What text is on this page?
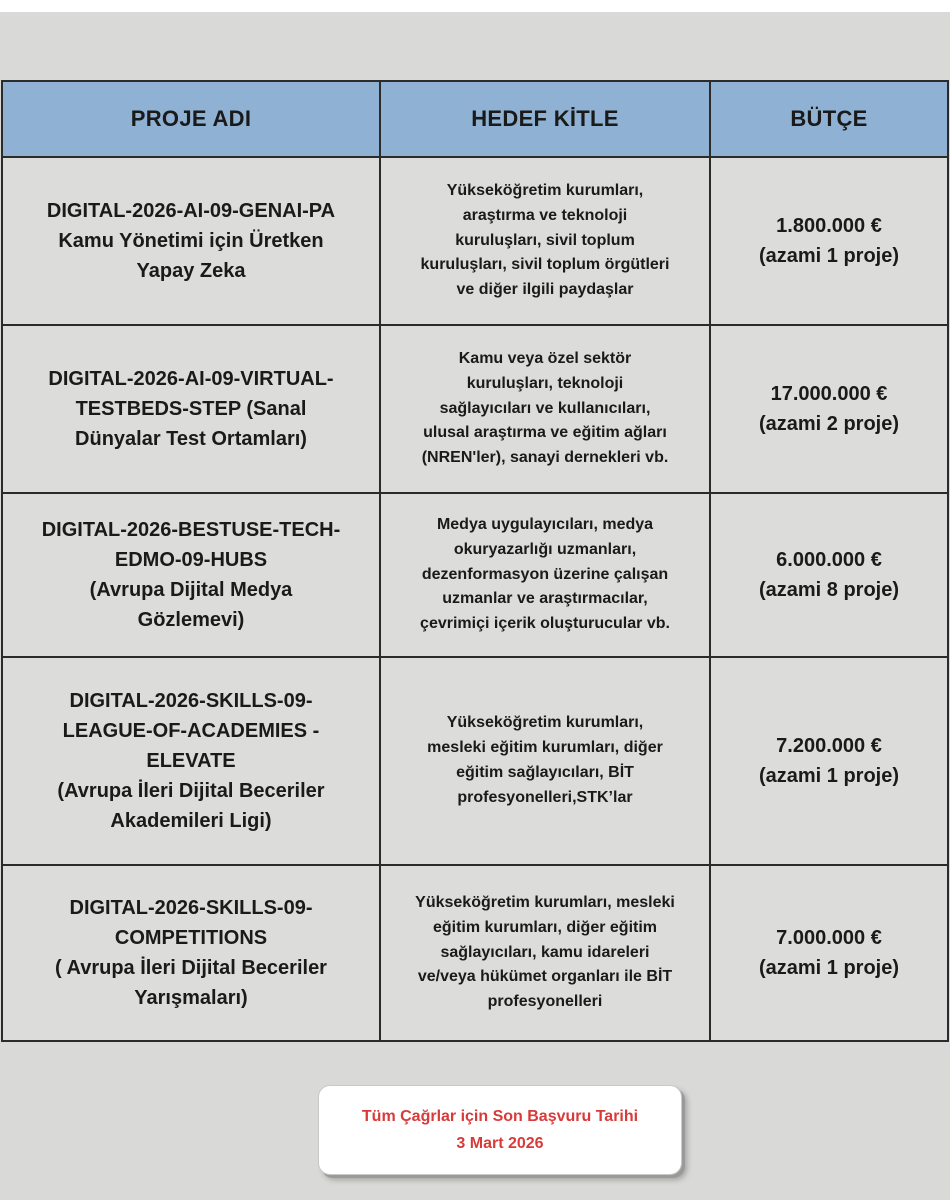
PROJE ADI	HEDEF KİTLE	BÜTÇE

DIGITAL-2026-AI-09-GENAI-PA
Kamu Yönetimi için Üretken
Yapay Zeka	Yükseköğretim kurumları,
araştırma ve teknoloji
kuruluşları, sivil toplum
kuruluşları, sivil toplum örgütleri
ve diğer ilgili paydaşlar	1.800.000 €
(azami 1 proje)

DIGITAL-2026-AI-09-VIRTUAL-
TESTBEDS-STEP (Sanal
Dünyalar Test Ortamları)	Kamu veya özel sektör
kuruluşları, teknoloji
sağlayıcıları ve kullanıcıları,
ulusal araştırma ve eğitim ağları
(NREN'ler), sanayi dernekleri vb.	17.000.000 €
(azami 2 proje)

DIGITAL-2026-BESTUSE-TECH-
EDMO-09-HUBS
(Avrupa Dijital Medya
Gözlemevi)	Medya uygulayıcıları, medya
okuryazarlığı uzmanları,
dezenformasyon üzerine çalışan
uzmanlar ve araştırmacılar,
çevrimiçi içerik oluşturucular vb.	6.000.000 €
(azami 8 proje)

DIGITAL-2026-SKILLS-09-
LEAGUE-OF-ACADEMIES -
ELEVATE
(Avrupa İleri Dijital Beceriler
Akademileri Ligi)	Yükseköğretim kurumları,
mesleki eğitim kurumları, diğer
eğitim sağlayıcıları, BİT
profesyonelleri,STK’lar	7.200.000 €
(azami 1 proje)

DIGITAL-2026-SKILLS-09-
COMPETITIONS
( Avrupa İleri Dijital Beceriler
Yarışmaları)	Yükseköğretim kurumları, mesleki
eğitim kurumları, diğer eğitim
sağlayıcıları, kamu idareleri
ve/veya hükümet organları ile BİT
profesyonelleri	7.000.000 €
(azami 1 proje)
Tüm Çağrlar için Son Başvuru Tarihi
3 Mart 2026
